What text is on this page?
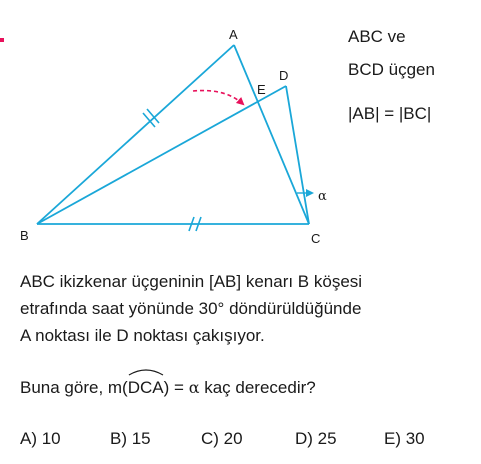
A
D
E
B	C
α
ABC ve
BCD üçgen
|AB| = |BC|
ABC ikizkenar üçgeninin [AB] kenarı B köşesi
etrafında saat yönünde 30° döndürüldüğünde
A noktası ile D noktası çakışıyor.
Buna göre, m(
DCA) = α kaç derecedir?
A) 10	B) 15	C) 20	D) 25	E) 30
